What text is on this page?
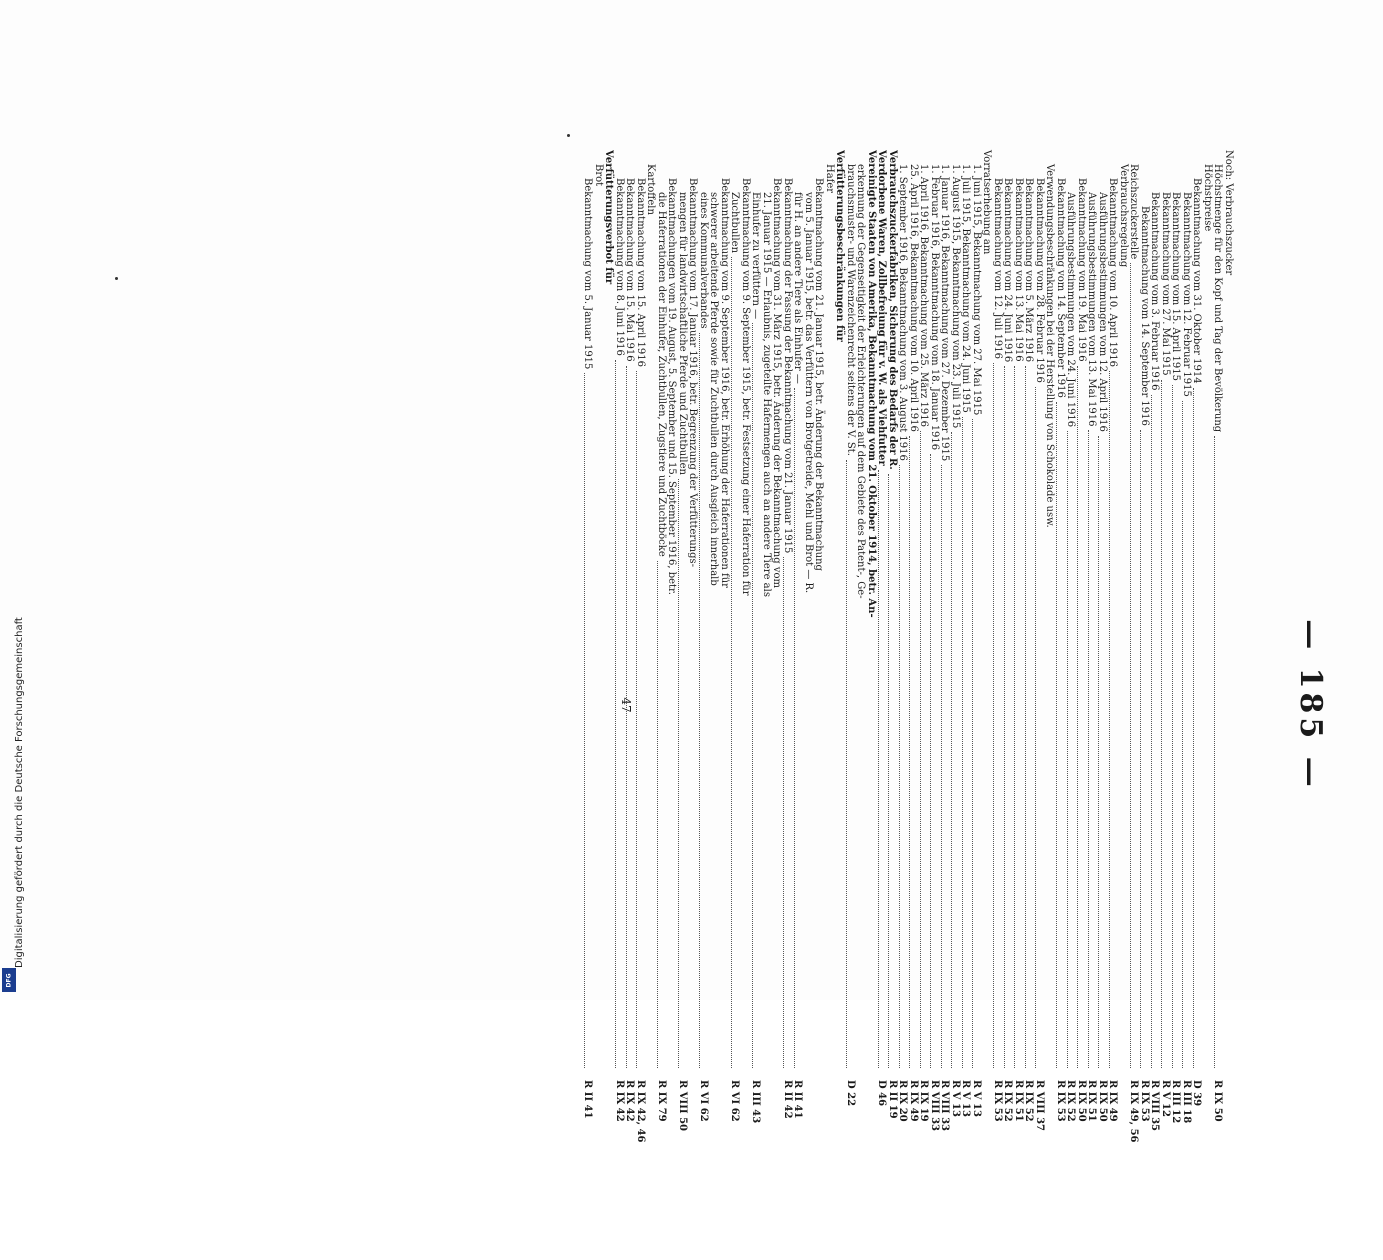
— 185 —
Noch: Verbrauchszucker
Höchstmenge für den Kopf und Tag der Bevölkerung
R IX 50
Höchstpreise
Bekanntmachung vom 31. Oktober 1914
D 39
Bekanntmachung vom 12. Februar 1915
R III 18
Bekanntmachung vom 15. April 1915
R III 12
Bekanntmachung vom 27. Mai 1915
R V 12
Bekanntmachung vom 3. Februar 1916
R VIII 35
Bekanntmachung vom 14. September 1916
R IX 53
Reichszuckerstelle
R IX 49, 56
Verbrauchsregelung
Bekanntmachung vom 10. April 1916
R IX 49
Ausführungsbestimmungen vom 12. April 1916
R IX 50
Ausführungsbestimmungen vom 13. Mai 1916
R IX 51
Bekanntmachung vom 19. Mai 1916
R IX 50
Ausführungsbestimmungen vom 24. Juni 1916
R IX 52
Bekanntmachung vom 14. September 1916
R IX 53
Verwendungsbeschränkungen bei der Herstellung von Schokolade usw.
Bekanntmachung vom 28. Februar 1916
R VIII 37
Bekanntmachung vom 5. März 1916
R IX 52
Bekanntmachung vom 13. Mai 1916
R IX 51
Bekanntmachung vom 24. Juni 1916
R IX 52
Bekanntmachung vom 12. Juli 1916
R IX 53
Vorratserhebung am
1. Juni 1915, Bekanntmachung vom 27. Mai 1915
R V 13
1. Juli 1915, Bekanntmachung vom 24. Juni 1915
R V 13
1. August 1915, Bekanntmachung vom 23. Juli 1915
R V 13
1. Januar 1916, Bekanntmachung vom 27. Dezember 1915
R VIII 33
1. Februar 1916, Bekanntmachung vom 18. Januar 1916
R VIII 33
1. April 1916, Bekanntmachung vom 25. März 1916
R IX 19
25. April 1916, Bekanntmachung vom 10. April 1916
R IX 49
1. September 1916, Bekanntmachung vom 3. August 1916
R IX 20
Verbrauchszuckerfabriken, Sicherung des Bedarfs der R.
R II 19
Verdorbene Waren, Zollbefreiung für v. W. als Viehfutter
D 46
Vereinigte Staaten von Amerika, Bekanntmachung vom 21. Oktober 1914, betr. An-
erkennung der Gegenseitigkeit der Erleichterungen auf dem Gebiete des Patent-, Ge-
brauchsmuster- und Warenzeichenrecht seitens der V. St.
D 22
Verfütterungsbeschränkungen für
Hafer
Bekanntmachung vom 21. Januar 1915, betr. Änderung der Bekanntmachung
vom 5. Januar 1915, betr. das Verfüttern von Brotgetreide, Mehl und Brot — R.
für H. an andere Tiere als Einhufer —
R II 41
Bekanntmachung der Fassung der Bekanntmachung vom 21. Januar 1915
R II 42
Bekanntmachung vom 31. März 1915, betr. Änderung der Bekanntmachung vom
21. Januar 1915 — Erlaubnis, zugeteilte Hafermengen auch an andere Tiere als
Einhufer zu verfüttern —
R III 43
Bekanntmachung vom 9. September 1915, betr. Festsetzung einer Haferration für
Zuchtbullen
R VI 62
Bekanntmachung vom 9. September 1916, betr. Erhöhung der Haferrationen für
schwerer arbeitende Pferde sowie für Zuchtbullen durch Ausgleich innerhalb
eines Kommunalverbandes
R VI 62
Bekanntmachung vom 17. Januar 1916, betr. Begrenzung der Verfütterungs-
mengen für landwirtschaftliche Pferde und Zuchtbullen
R VIII 50
Bekanntmachungen vom 19. August, 5. September und 15. September 1916, betr.
die Haferrationen der Einhufer, Zuchtbullen, Zugstiere und Zuchtböcke
R IX 79
Kartoffeln
Bekanntmachung vom 15. April 1916
R IX 42, 46
Bekanntmachung vom 15. Mai 1916
R IX 42
Bekanntmachung vom 8. Juni 1916
R IX 42
Verfütterungsverbot für
Brot
Bekanntmachung vom 5. Januar 1915
R II 41
47
Digitalisierung gefördert durch die Deutsche Forschungsgemeinschaft
DFG
